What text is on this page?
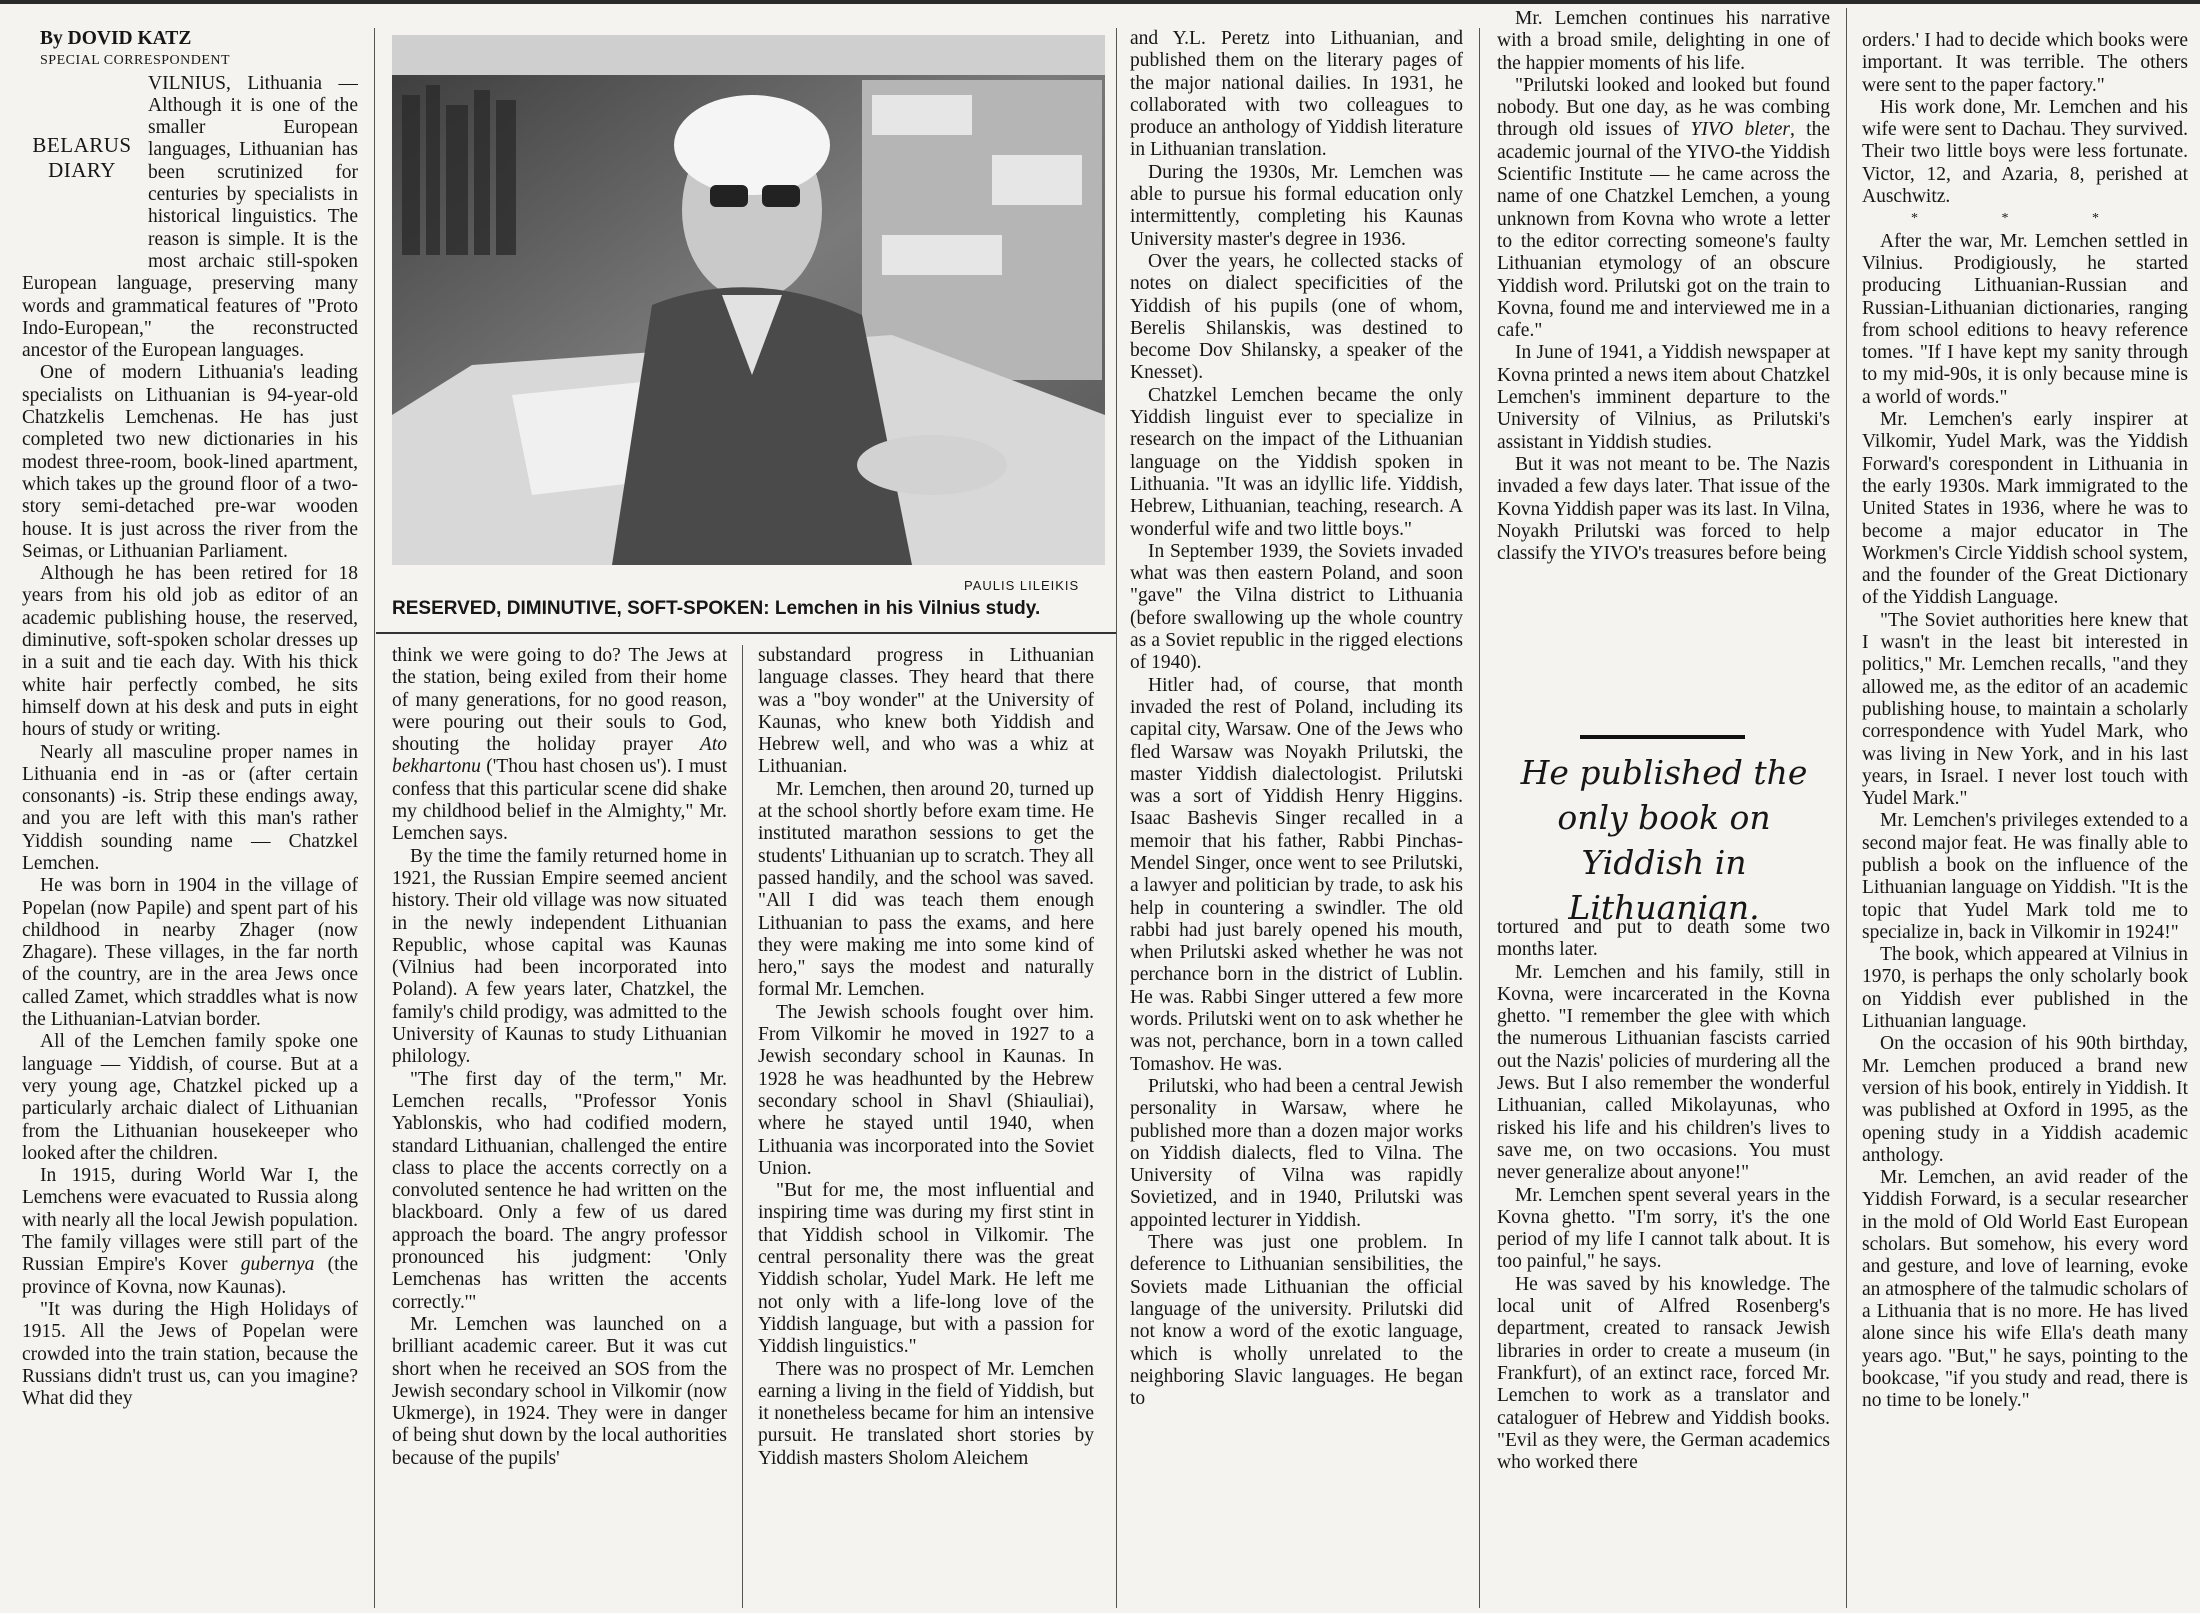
By DOVID KATZ

SPECIAL CORRESPONDENT

BELARUS
DIARY
VILNIUS, Lithuania — Although it is one of the smaller European languages, Lithuanian has been scrutinized for centuries by specialists in historical linguistics. The reason is simple. It is the most archaic still-spoken European language, preserving many words and grammatical features of "Proto Indo-European," the reconstructed ancestor of the European languages.

One of modern Lithuania's leading specialists on Lithuanian is 94-year-old Chatzkelis Lemchenas. He has just completed two new dictionaries in his modest three-room, book-lined apartment, which takes up the ground floor of a two-story semi-detached pre-war wooden house. It is just across the river from the Seimas, or Lithuanian Parliament.

Although he has been retired for 18 years from his old job as editor of an academic publishing house, the reserved, diminutive, soft-spoken scholar dresses up in a suit and tie each day. With his thick white hair perfectly combed, he sits himself down at his desk and puts in eight hours of study or writing.

Nearly all masculine proper names in Lithuania end in -as or (after certain consonants) -is. Strip these endings away, and you are left with this man's rather Yiddish sounding name — Chatzkel Lemchen.

He was born in 1904 in the village of Popelan (now Papile) and spent part of his childhood in nearby Zhager (now Zhagare). These villages, in the far north of the country, are in the area Jews once called Zamet, which straddles what is now the Lithuanian-Latvian border.

All of the Lemchen family spoke one language — Yiddish, of course. But at a very young age, Chatzkel picked up a particularly archaic dialect of Lithuanian from the Lithuanian housekeeper who looked after the children.

In 1915, during World War I, the Lemchens were evacuated to Russia along with nearly all the local Jewish population. The family villages were still part of the Russian Empire's Kover gubernya (the province of Kovna, now Kaunas).

"It was during the High Holidays of 1915. All the Jews of Popelan were crowded into the train station, because the Russians didn't trust us, can you imagine? What did they

PAULIS LILEIKIS
RESERVED, DIMINUTIVE, SOFT-SPOKEN: Lemchen in his Vilnius study.

think we were going to do? The Jews at the station, being exiled from their home of many generations, for no good reason, were pouring out their souls to God, shouting the holiday prayer Ato bekhartonu ('Thou hast chosen us'). I must confess that this particular scene did shake my childhood belief in the Almighty," Mr. Lemchen says.

By the time the family returned home in 1921, the Russian Empire seemed ancient history. Their old village was now situated in the newly independent Lithuanian Republic, whose capital was Kaunas (Vilnius had been incorporated into Poland). A few years later, Chatzkel, the family's child prodigy, was admitted to the University of Kaunas to study Lithuanian philology.

"The first day of the term," Mr. Lemchen recalls, "Professor Yonis Yablonskis, who had codified modern, standard Lithuanian, challenged the entire class to place the accents correctly on a convoluted sentence he had written on the blackboard. Only a few of us dared approach the board. The angry professor pronounced his judgment: 'Only Lemchenas has written the accents correctly.'"

Mr. Lemchen was launched on a brilliant academic career. But it was cut short when he received an SOS from the Jewish secondary school in Vilkomir (now Ukmerge), in 1924. They were in danger of being shut down by the local authorities because of the pupils'

substandard progress in Lithuanian language classes. They heard that there was a "boy wonder" at the University of Kaunas, who knew both Yiddish and Hebrew well, and who was a whiz at Lithuanian.

Mr. Lemchen, then around 20, turned up at the school shortly before exam time. He instituted marathon sessions to get the students' Lithuanian up to scratch. They all passed handily, and the school was saved. "All I did was teach them enough Lithuanian to pass the exams, and here they were making me into some kind of hero," says the modest and naturally formal Mr. Lemchen.

The Jewish schools fought over him. From Vilkomir he moved in 1927 to a Jewish secondary school in Kaunas. In 1928 he was headhunted by the Hebrew secondary school in Shavl (Shiauliai), where he stayed until 1940, when Lithuania was incorporated into the Soviet Union.

"But for me, the most influential and inspiring time was during my first stint in that Yiddish school in Vilkomir. The central personality there was the great Yiddish scholar, Yudel Mark. He left me not only with a life-long love of the Yiddish language, but with a passion for Yiddish linguistics."

There was no prospect of Mr. Lemchen earning a living in the field of Yiddish, but it nonetheless became for him an intensive pursuit. He translated short stories by Yiddish masters Sholom Aleichem

and Y.L. Peretz into Lithuanian, and published them on the literary pages of the major national dailies. In 1931, he collaborated with two colleagues to produce an anthology of Yiddish literature in Lithuanian translation.

During the 1930s, Mr. Lemchen was able to pursue his formal education only intermittently, completing his Kaunas University master's degree in 1936.

Over the years, he collected stacks of notes on dialect specificities of the Yiddish of his pupils (one of whom, Berelis Shilanskis, was destined to become Dov Shilansky, a speaker of the Knesset).

Chatzkel Lemchen became the only Yiddish linguist ever to specialize in research on the impact of the Lithuanian language on the Yiddish spoken in Lithuania. "It was an idyllic life. Yiddish, Hebrew, Lithuanian, teaching, research. A wonderful wife and two little boys."

In September 1939, the Soviets invaded what was then eastern Poland, and soon "gave" the Vilna district to Lithuania (before swallowing up the whole country as a Soviet republic in the rigged elections of 1940).

Hitler had, of course, that month invaded the rest of Poland, including its capital city, Warsaw. One of the Jews who fled Warsaw was Noyakh Prilutski, the master Yiddish dialectologist. Prilutski was a sort of Yiddish Henry Higgins. Isaac Bashevis Singer recalled in a memoir that his father, Rabbi Pinchas-Mendel Singer, once went to see Prilutski, a lawyer and politician by trade, to ask his help in countering a swindler. The old rabbi had just barely opened his mouth, when Prilutski asked whether he was not perchance born in the district of Lublin. He was. Rabbi Singer uttered a few more words. Prilutski went on to ask whether he was not, perchance, born in a town called Tomashov. He was.

Prilutski, who had been a central Jewish personality in Warsaw, where he published more than a dozen major works on Yiddish dialects, fled to Vilna. The University of Vilna was rapidly Sovietized, and in 1940, Prilutski was appointed lecturer in Yiddish.

There was just one problem. In deference to Lithuanian sensibilities, the Soviets made Lithuanian the official language of the university. Prilutski did not know a word of the exotic language, which is wholly unrelated to the neighboring Slavic languages. He began to

Mr. Lemchen continues his narrative with a broad smile, delighting in one of the happier moments of his life.

"Prilutski looked and looked but found nobody. But one day, as he was combing through old issues of YIVO bleter, the academic journal of the YIVO-the Yiddish Scientific Institute — he came across the name of one Chatzkel Lemchen, a young unknown from Kovna who wrote a letter to the editor correcting someone's faulty Lithuanian etymology of an obscure Yiddish word. Prilutski got on the train to Kovna, found me and interviewed me in a cafe."

In June of 1941, a Yiddish newspaper at Kovna printed a news item about Chatzkel Lemchen's imminent departure to the University of Vilnius, as Prilutski's assistant in Yiddish studies.

But it was not meant to be. The Nazis invaded a few days later. That issue of the Kovna Yiddish paper was its last. In Vilna, Noyakh Prilutski was forced to help classify the YIVO's treasures before being

He published the only book on Yiddish in Lithuanian.

tortured and put to death some two months later.

Mr. Lemchen and his family, still in Kovna, were incarcerated in the Kovna ghetto. "I remember the glee with which the numerous Lithuanian fascists carried out the Nazis' policies of murdering all the Jews. But I also remember the wonderful Lithuanian, called Mikolayunas, who risked his life and his children's lives to save me, on two occasions. You must never generalize about anyone!"

Mr. Lemchen spent several years in the Kovna ghetto. "I'm sorry, it's the one period of my life I cannot talk about. It is too painful," he says.

He was saved by his knowledge. The local unit of Alfred Rosenberg's department, created to ransack Jewish libraries in order to create a museum (in Frankfurt), of an extinct race, forced Mr. Lemchen to work as a translator and cataloguer of Hebrew and Yiddish books. "Evil as they were, the German academics who worked there

orders.' I had to decide which books were important. It was terrible. The others were sent to the paper factory."

His work done, Mr. Lemchen and his wife were sent to Dachau. They survived. Their two little boys were less fortunate. Victor, 12, and Azaria, 8, perished at Auschwitz.

* * *

After the war, Mr. Lemchen settled in Vilnius. Prodigiously, he started producing Lithuanian-Russian and Russian-Lithuanian dictionaries, ranging from school editions to heavy reference tomes. "If I have kept my sanity through to my mid-90s, it is only because mine is a world of words."

Mr. Lemchen's early inspirer at Vilkomir, Yudel Mark, was the Yiddish Forward's corespondent in Lithuania in the early 1930s. Mark immigrated to the United States in 1936, where he was to become a major educator in The Workmen's Circle Yiddish school system, and the founder of the Great Dictionary of the Yiddish Language.

"The Soviet authorities here knew that I wasn't in the least bit interested in politics," Mr. Lemchen recalls, "and they allowed me, as the editor of an academic publishing house, to maintain a scholarly correspondence with Yudel Mark, who was living in New York, and in his last years, in Israel. I never lost touch with Yudel Mark."

Mr. Lemchen's privileges extended to a second major feat. He was finally able to publish a book on the influence of the Lithuanian language on Yiddish. "It is the topic that Yudel Mark told me to specialize in, back in Vilkomir in 1924!"

The book, which appeared at Vilnius in 1970, is perhaps the only scholarly book on Yiddish ever published in the Lithuanian language.

On the occasion of his 90th birthday, Mr. Lemchen produced a brand new version of his book, entirely in Yiddish. It was published at Oxford in 1995, as the opening study in a Yiddish academic anthology.

Mr. Lemchen, an avid reader of the Yiddish Forward, is a secular researcher in the mold of Old World East European scholars. But somehow, his every word and gesture, and love of learning, evoke an atmosphere of the talmudic scholars of a Lithuania that is no more. He has lived alone since his wife Ella's death many years ago. "But," he says, pointing to the bookcase, "if you study and read, there is no time to be lonely."
